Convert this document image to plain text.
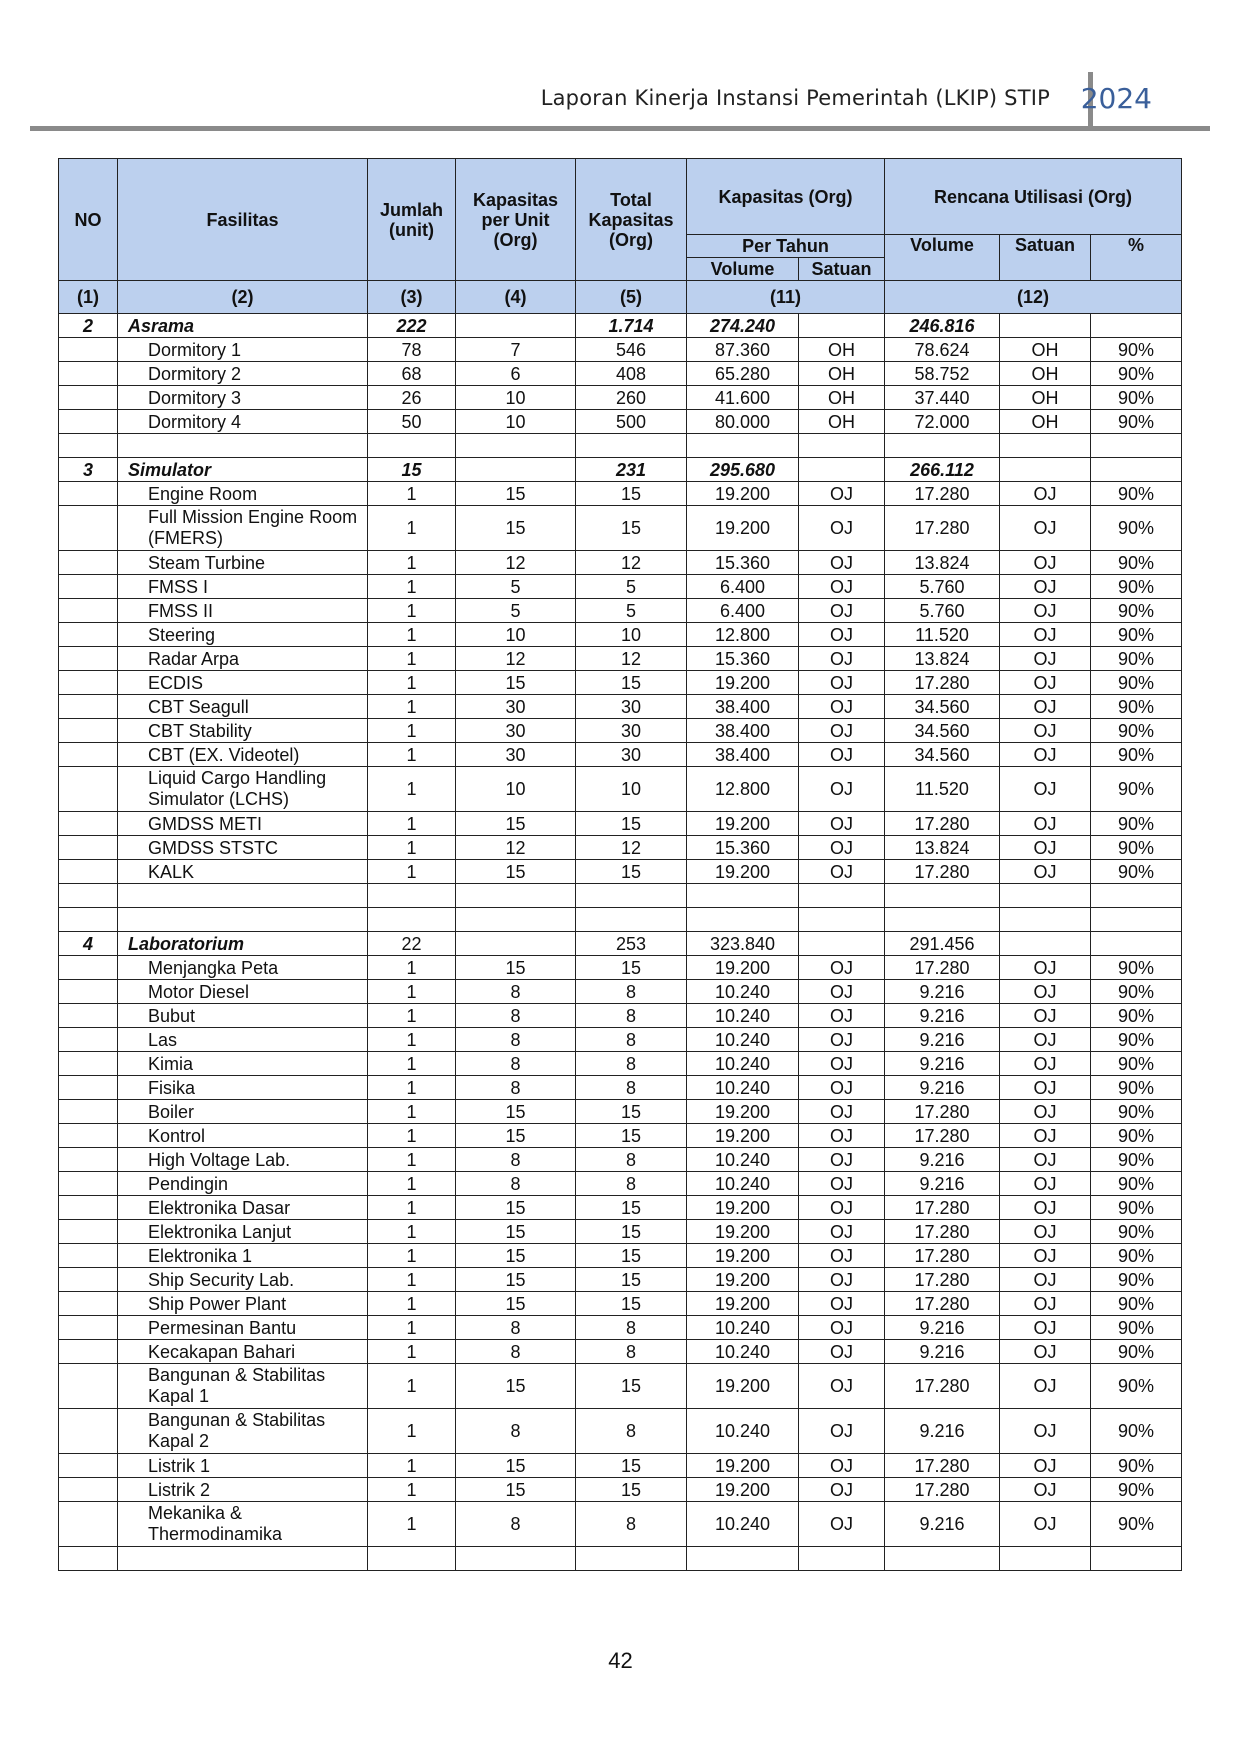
Laporan Kinerja Instansi Pemerintah (LKIP) STIP 2024
NO	Fasilitas	Jumlah (unit)	Kapasitas per Unit (Org)	Total Kapasitas (Org)	Kapasitas (Org)		Rencana Utilisasi (Org)		
					Per Tahun		Volume	Satuan	%
					Volume	Satuan			
(1)	(2)	(3)	(4)	(5)	(11)		(12)		
2	Asrama	222		1.714	274.240		246.816		
	Dormitory 1	78	7	546	87.360	OH	78.624	OH	90%
	Dormitory 2	68	6	408	65.280	OH	58.752	OH	90%
	Dormitory 3	26	10	260	41.600	OH	37.440	OH	90%
	Dormitory 4	50	10	500	80.000	OH	72.000	OH	90%

3	Simulator	15		231	295.680		266.112		
	Engine Room	1	15	15	19.200	OJ	17.280	OJ	90%
	Full Mission Engine Room (FMERS)	1	15	15	19.200	OJ	17.280	OJ	90%
	Steam Turbine	1	12	12	15.360	OJ	13.824	OJ	90%
	FMSS I	1	5	5	6.400	OJ	5.760	OJ	90%
	FMSS II	1	5	5	6.400	OJ	5.760	OJ	90%
	Steering	1	10	10	12.800	OJ	11.520	OJ	90%
	Radar Arpa	1	12	12	15.360	OJ	13.824	OJ	90%
	ECDIS	1	15	15	19.200	OJ	17.280	OJ	90%
	CBT Seagull	1	30	30	38.400	OJ	34.560	OJ	90%
	CBT Stability	1	30	30	38.400	OJ	34.560	OJ	90%
	CBT (EX. Videotel)	1	30	30	38.400	OJ	34.560	OJ	90%
	Liquid Cargo Handling Simulator (LCHS)	1	10	10	12.800	OJ	11.520	OJ	90%
	GMDSS METI	1	15	15	19.200	OJ	17.280	OJ	90%
	GMDSS STSTC	1	12	12	15.360	OJ	13.824	OJ	90%
	KALK	1	15	15	19.200	OJ	17.280	OJ	90%

4	Laboratorium	22		253	323.840		291.456		
	Menjangka Peta	1	15	15	19.200	OJ	17.280	OJ	90%
	Motor Diesel	1	8	8	10.240	OJ	9.216	OJ	90%
	Bubut	1	8	8	10.240	OJ	9.216	OJ	90%
	Las	1	8	8	10.240	OJ	9.216	OJ	90%
	Kimia	1	8	8	10.240	OJ	9.216	OJ	90%
	Fisika	1	8	8	10.240	OJ	9.216	OJ	90%
	Boiler	1	15	15	19.200	OJ	17.280	OJ	90%
	Kontrol	1	15	15	19.200	OJ	17.280	OJ	90%
	High Voltage Lab.	1	8	8	10.240	OJ	9.216	OJ	90%
	Pendingin	1	8	8	10.240	OJ	9.216	OJ	90%
	Elektronika Dasar	1	15	15	19.200	OJ	17.280	OJ	90%
	Elektronika Lanjut	1	15	15	19.200	OJ	17.280	OJ	90%
	Elektronika 1	1	15	15	19.200	OJ	17.280	OJ	90%
	Ship Security Lab.	1	15	15	19.200	OJ	17.280	OJ	90%
	Ship Power Plant	1	15	15	19.200	OJ	17.280	OJ	90%
	Permesinan Bantu	1	8	8	10.240	OJ	9.216	OJ	90%
	Kecakapan Bahari	1	8	8	10.240	OJ	9.216	OJ	90%
	Bangunan & Stabilitas Kapal 1	1	15	15	19.200	OJ	17.280	OJ	90%
	Bangunan & Stabilitas Kapal 2	1	8	8	10.240	OJ	9.216	OJ	90%
	Listrik 1	1	15	15	19.200	OJ	17.280	OJ	90%
	Listrik 2	1	15	15	19.200	OJ	17.280	OJ	90%
	Mekanika & Thermodinamika	1	8	8	10.240	OJ	9.216	OJ	90%

42
